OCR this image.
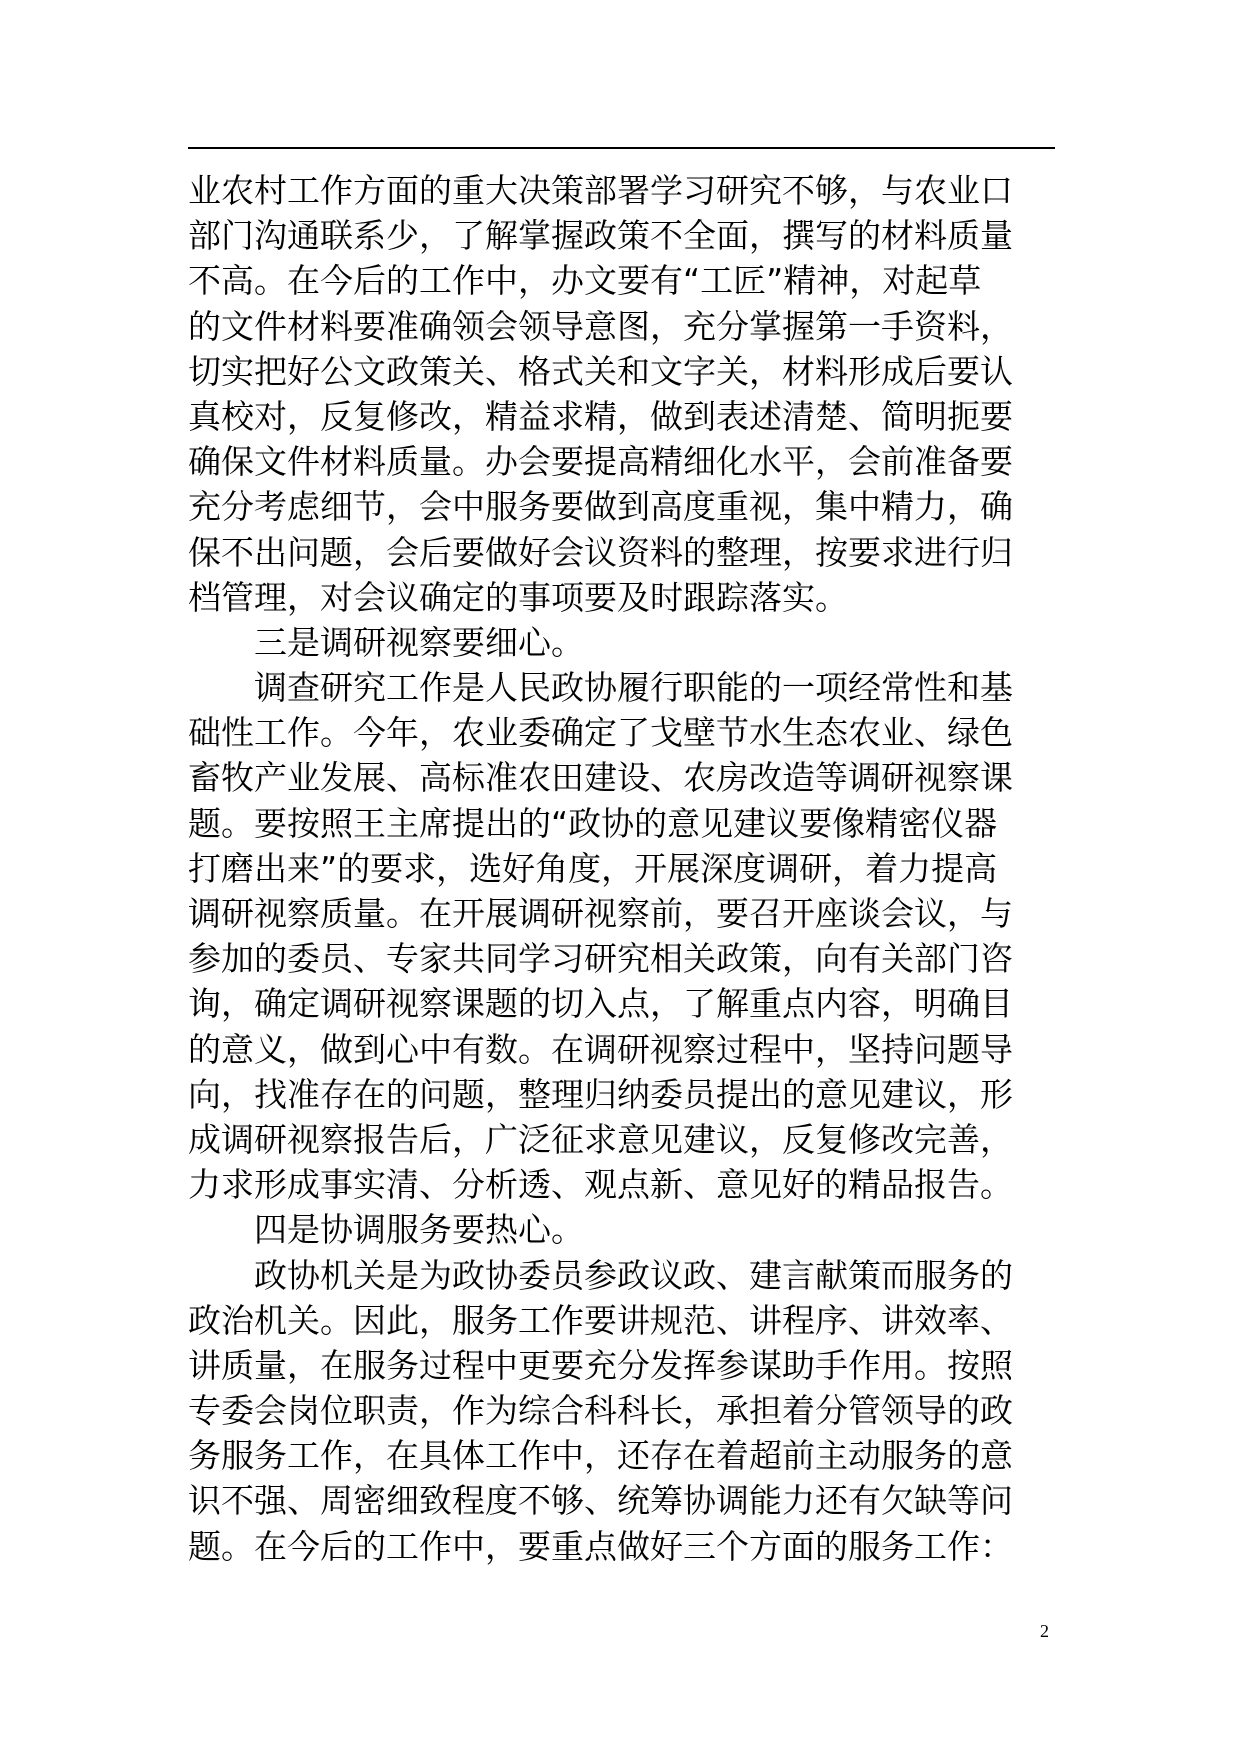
业农村工作方面的重大决策部署学习研究不够，与农业口
部门沟通联系少，了解掌握政策不全面，撰写的材料质量
不高。在今后的工作中，办文要有“工匠”精神，对起草
的文件材料要准确领会领导意图，充分掌握第一手资料，
切实把好公文政策关、格式关和文字关，材料形成后要认
真校对，反复修改，精益求精，做到表述清楚、简明扼要
确保文件材料质量。办会要提高精细化水平，会前准备要
充分考虑细节，会中服务要做到高度重视，集中精力，确
保不出问题，会后要做好会议资料的整理，按要求进行归
档管理，对会议确定的事项要及时跟踪落实。
三是调研视察要细心。
调查研究工作是人民政协履行职能的一项经常性和基
础性工作。今年，农业委确定了戈壁节水生态农业、绿色
畜牧产业发展、高标准农田建设、农房改造等调研视察课
题。要按照王主席提出的“政协的意见建议要像精密仪器
打磨出来”的要求，选好角度，开展深度调研，着力提高
调研视察质量。在开展调研视察前，要召开座谈会议，与
参加的委员、专家共同学习研究相关政策，向有关部门咨
询，确定调研视察课题的切入点，了解重点内容，明确目
的意义，做到心中有数。在调研视察过程中，坚持问题导
向，找准存在的问题，整理归纳委员提出的意见建议，形
成调研视察报告后，广泛征求意见建议，反复修改完善，
力求形成事实清、分析透、观点新、意见好的精品报告。
四是协调服务要热心。
政协机关是为政协委员参政议政、建言献策而服务的
政治机关。因此，服务工作要讲规范、讲程序、讲效率、
讲质量，在服务过程中更要充分发挥参谋助手作用。按照
专委会岗位职责，作为综合科科长，承担着分管领导的政
务服务工作，在具体工作中，还存在着超前主动服务的意
识不强、周密细致程度不够、统筹协调能力还有欠缺等问
题。在今后的工作中，要重点做好三个方面的服务工作：
2
